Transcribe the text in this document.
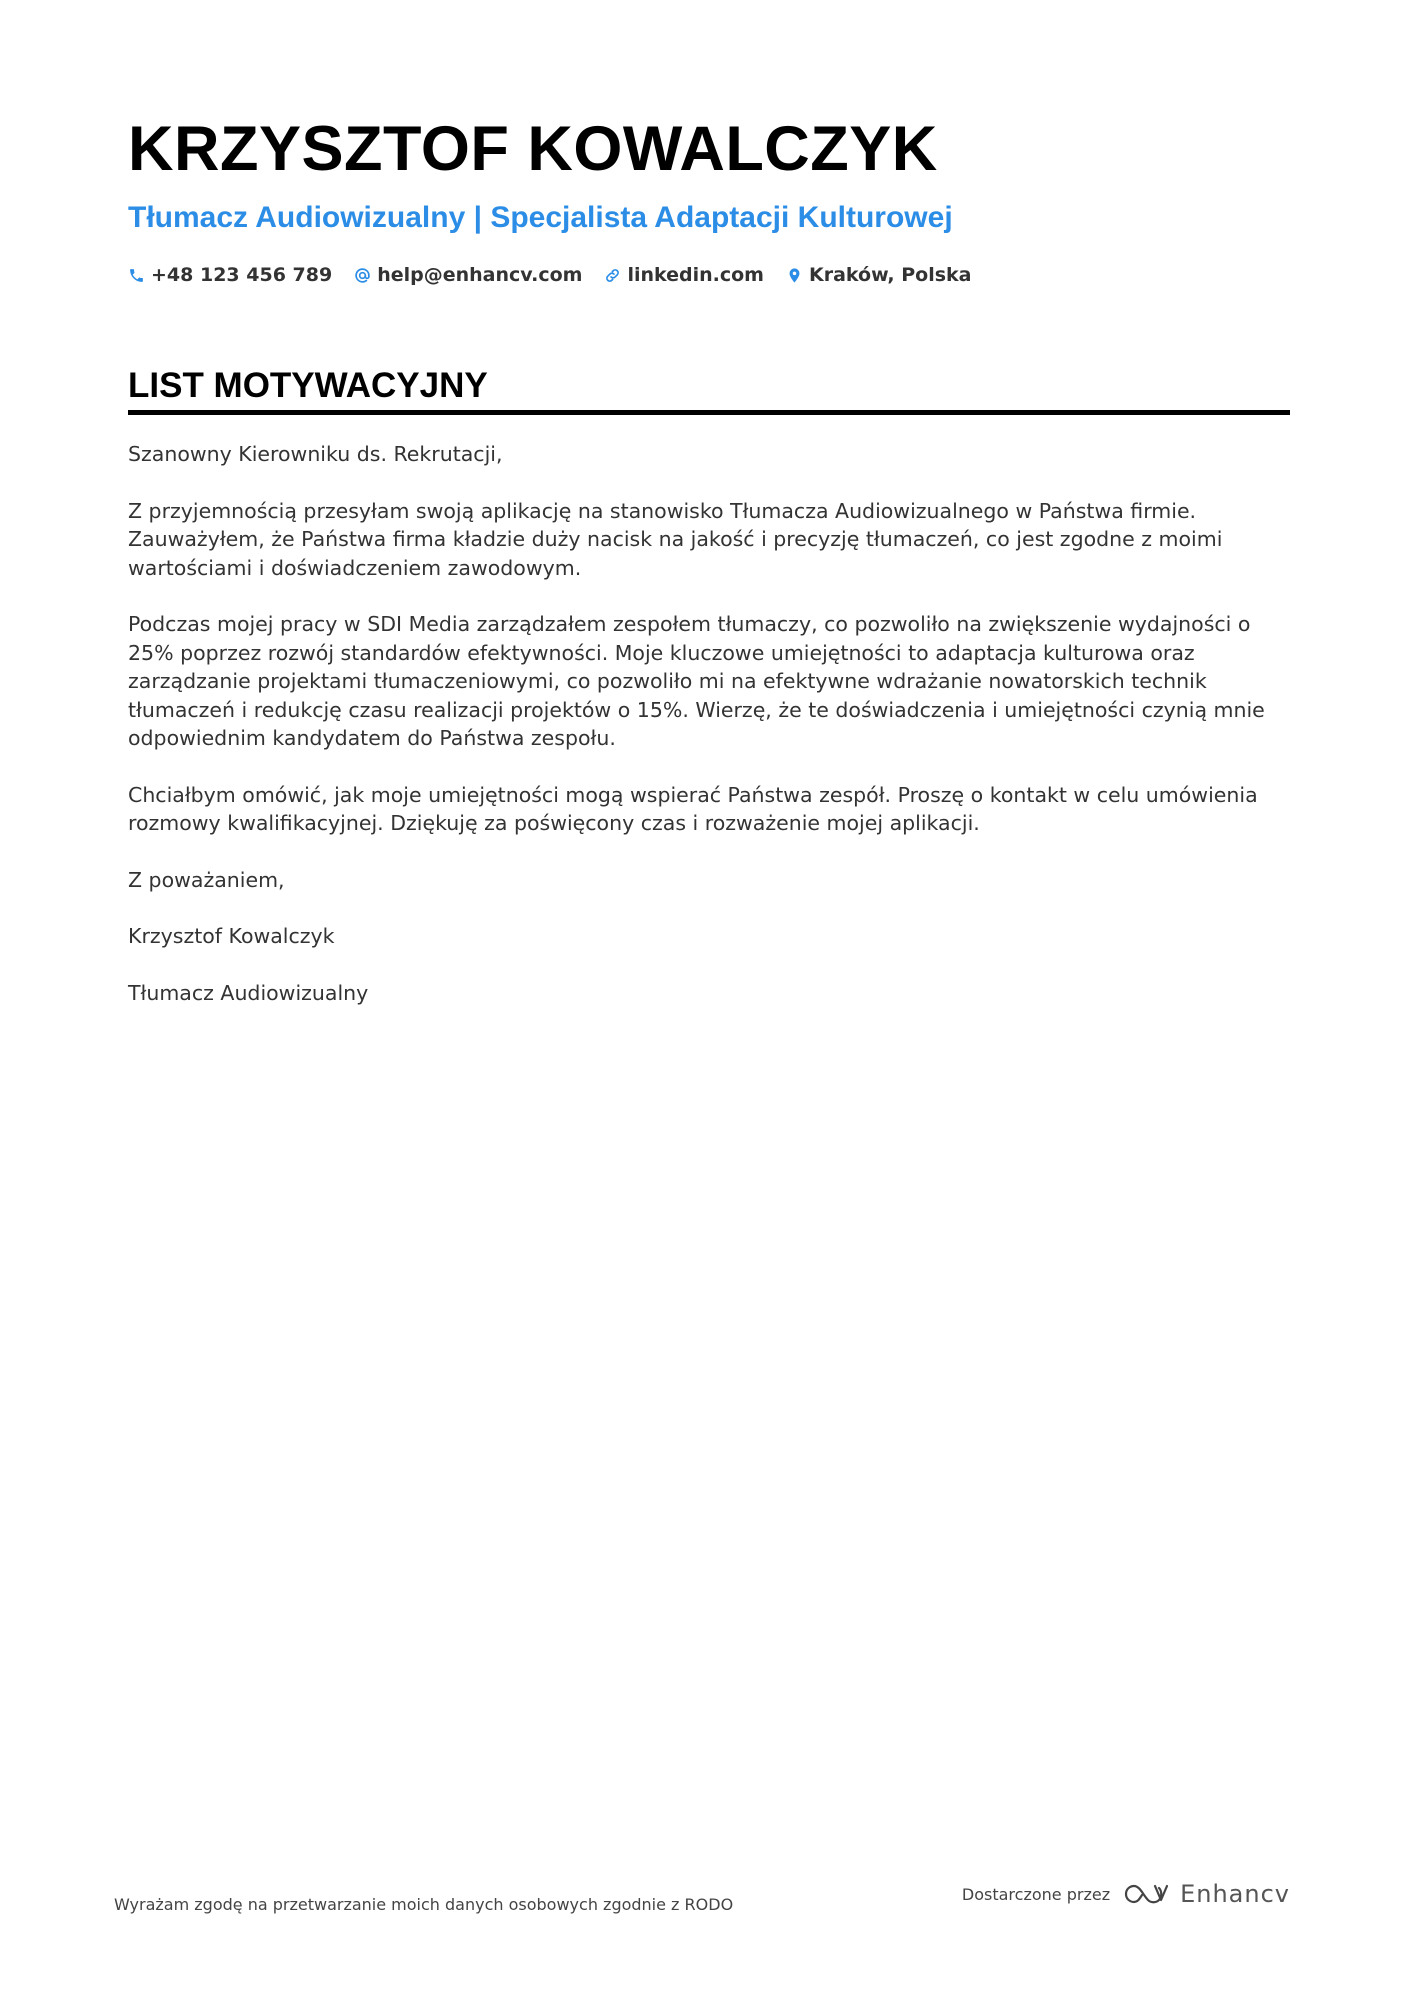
KRZYSZTOF KOWALCZYK
Tłumacz Audiowizualny | Specjalista Adaptacji Kulturowej
+48 123 456 789 help@enhancv.com linkedin.com Kraków, Polska
LIST MOTYWACYJNY

Szanowny Kierowniku ds. Rekrutacji,

Z przyjemnością przesyłam swoją aplikację na stanowisko Tłumacza Audiowizualnego w Państwa firmie. Zauważyłem, że Państwa firma kładzie duży nacisk na jakość i precyzję tłumaczeń, co jest zgodne z moimi wartościami i doświadczeniem zawodowym.

Podczas mojej pracy w SDI Media zarządzałem zespołem tłumaczy, co pozwoliło na zwiększenie wydajności o 25% poprzez rozwój standardów efektywności. Moje kluczowe umiejętności to adaptacja kulturowa oraz zarządzanie projektami tłumaczeniowymi, co pozwoliło mi na efektywne wdrażanie nowatorskich technik tłumaczeń i redukcję czasu realizacji projektów o 15%. Wierzę, że te doświadczenia i umiejętności czynią mnie odpowiednim kandydatem do Państwa zespołu.

Chciałbym omówić, jak moje umiejętności mogą wspierać Państwa zespół. Proszę o kontakt w celu umówienia rozmowy kwalifikacyjnej. Dziękuję za poświęcony czas i rozważenie mojej aplikacji.

Z poważaniem,

Krzysztof Kowalczyk

Tłumacz Audiowizualny

Wyrażam zgodę na przetwarzanie moich danych osobowych zgodnie z RODO
Dostarczone przez	Enhancv
